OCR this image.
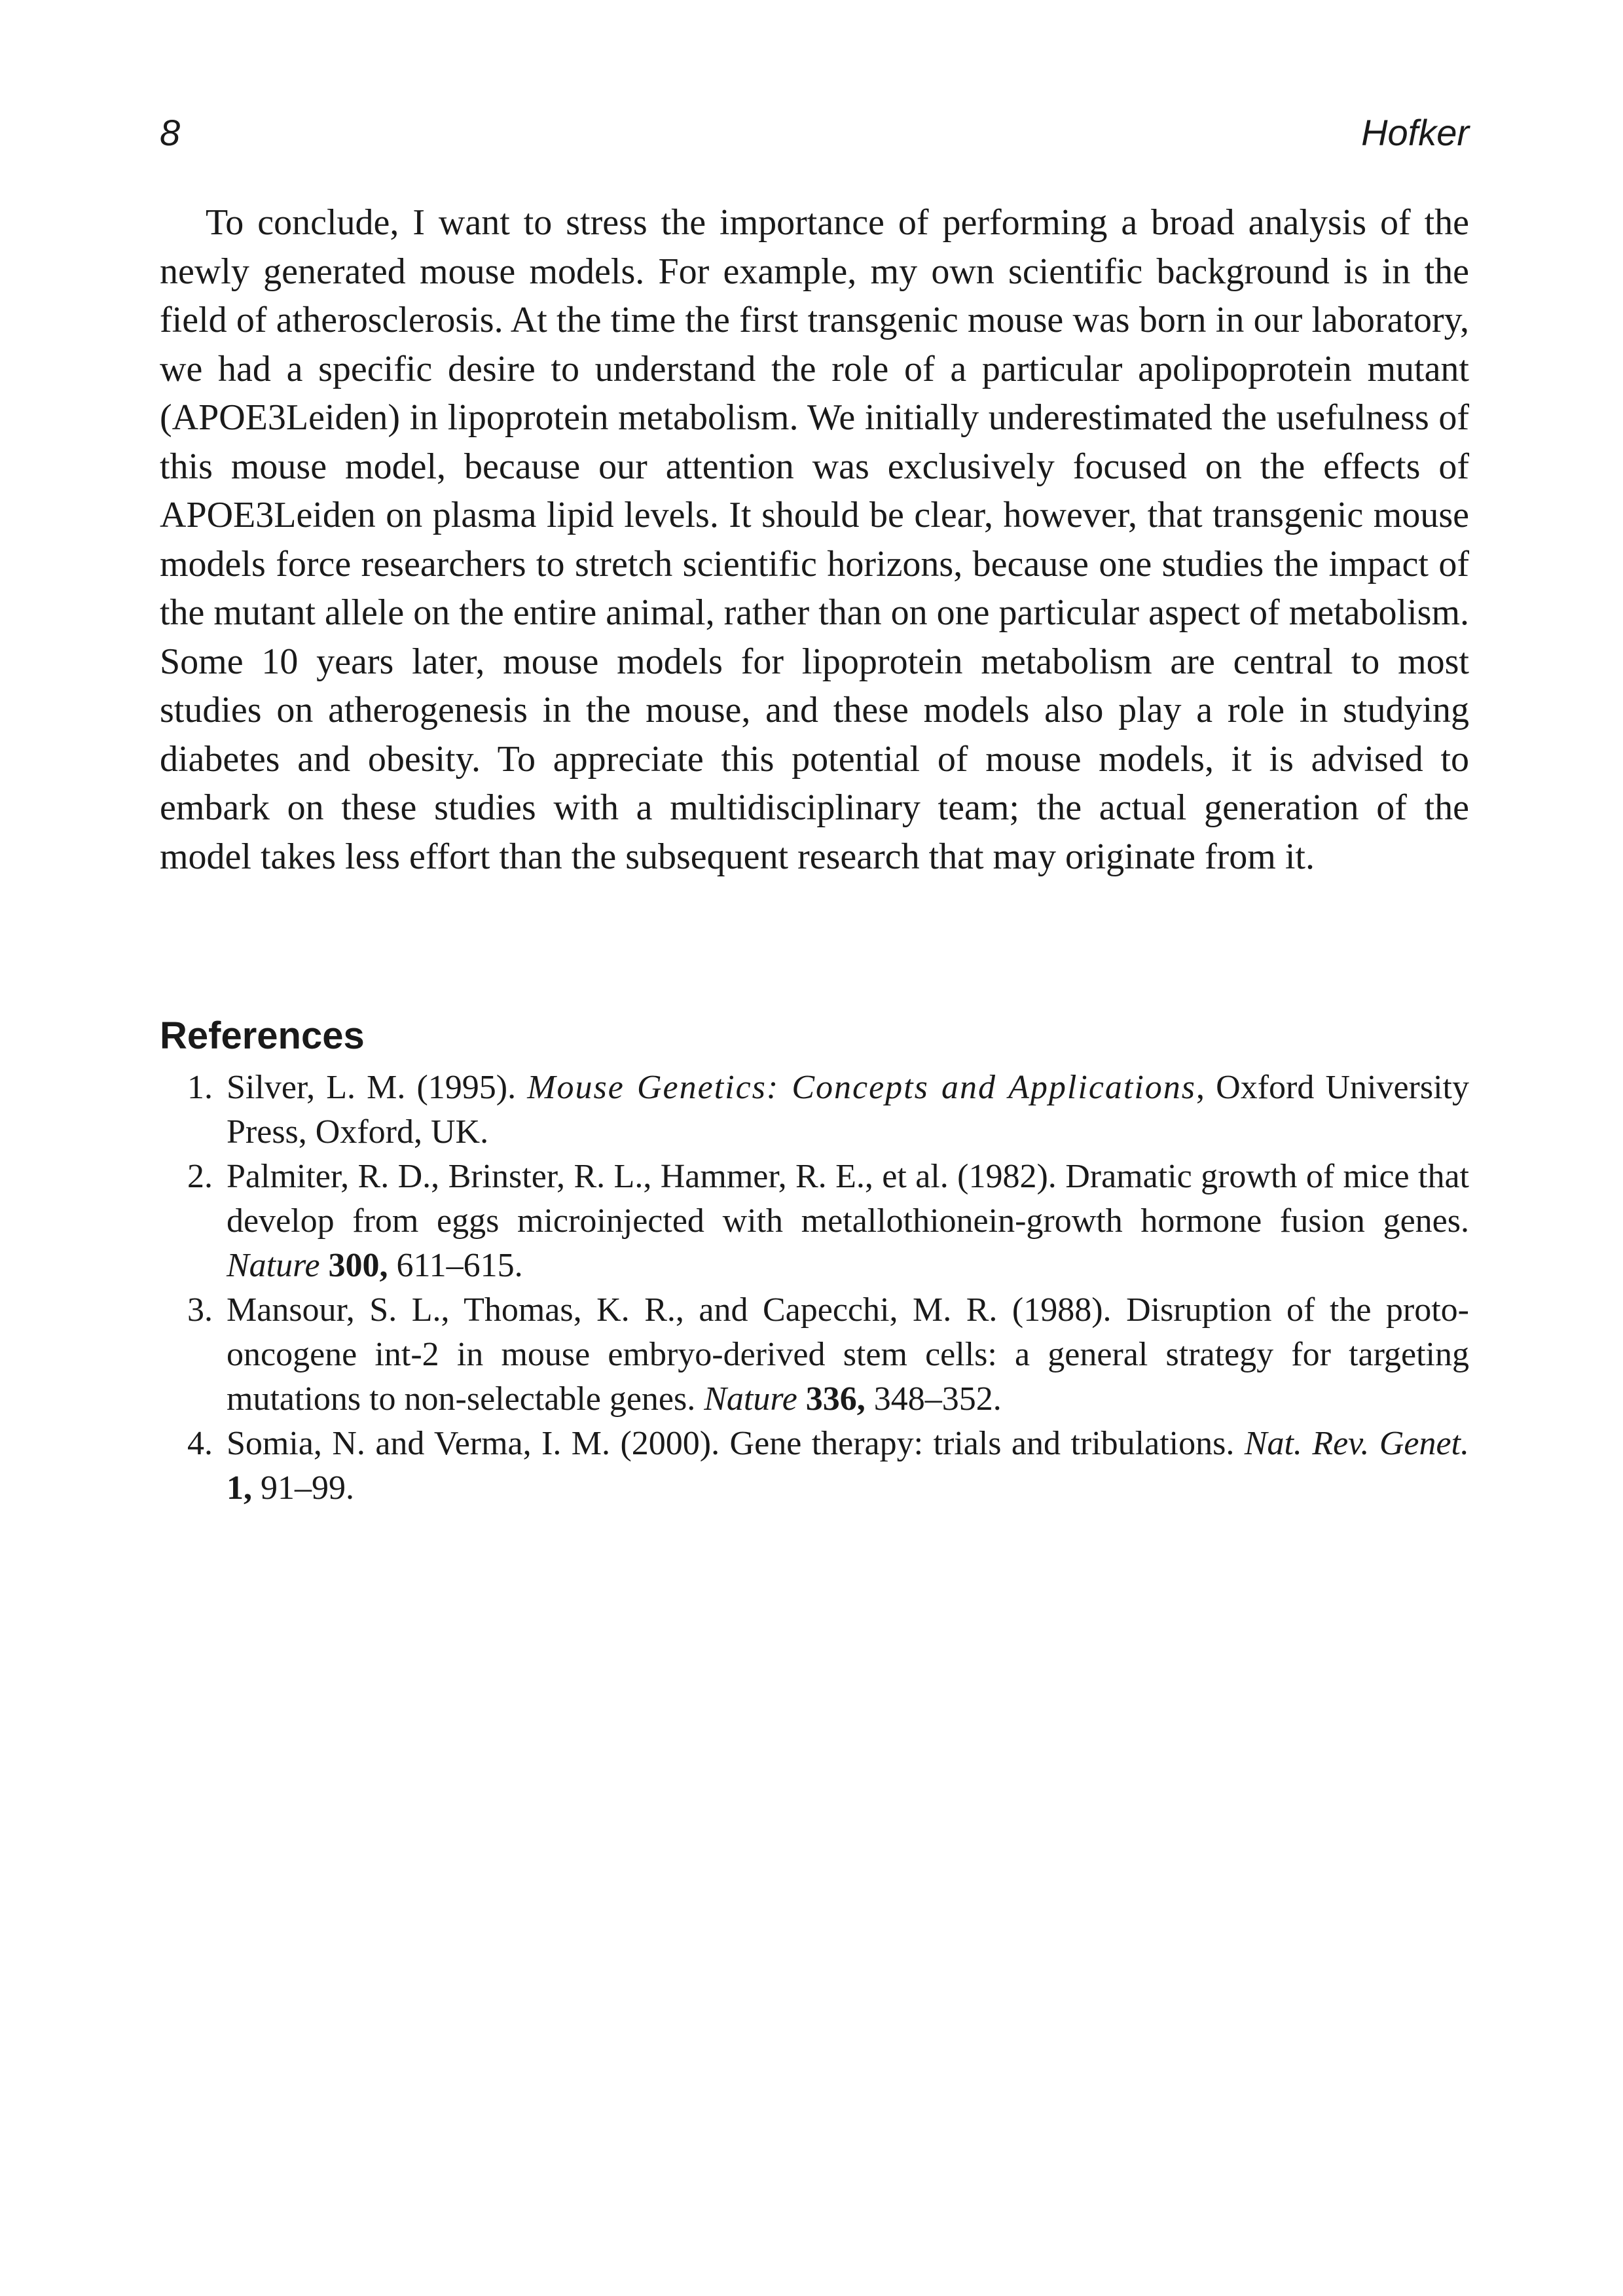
8	Hofker

To conclude, I want to stress the importance of performing a broad analysis of the newly generated mouse models. For example, my own scientific background is in the field of atherosclerosis. At the time the first transgenic mouse was born in our laboratory, we had a specific desire to understand the role of a particular apolipoprotein mutant (APOE3Leiden) in lipoprotein metabolism. We initially underestimated the usefulness of this mouse model, because our attention was exclusively focused on the effects of APOE3Leiden on plasma lipid levels. It should be clear, however, that transgenic mouse models force researchers to stretch scientific horizons, because one studies the impact of the mutant allele on the entire animal, rather than on one particular aspect of metabolism. Some 10 years later, mouse models for lipoprotein metabolism are central to most studies on atherogenesis in the mouse, and these models also play a role in studying diabetes and obesity. To appreciate this potential of mouse models, it is advised to embark on these studies with a multidisciplinary team; the actual generation of the model takes less effort than the subsequent research that may originate from it.

References
1. Silver, L. M. (1995). Mouse Genetics: Concepts and Applications, Oxford University Press, Oxford, UK.
2. Palmiter, R. D., Brinster, R. L., Hammer, R. E., et al. (1982). Dramatic growth of mice that develop from eggs microinjected with metallothionein-growth hormone fusion genes. Nature 300, 611–615.
3. Mansour, S. L., Thomas, K. R., and Capecchi, M. R. (1988). Disruption of the proto-oncogene int-2 in mouse embryo-derived stem cells: a general strategy for targeting mutations to non-selectable genes. Nature 336, 348–352.
4. Somia, N. and Verma, I. M. (2000). Gene therapy: trials and tribulations. Nat. Rev. Genet. 1, 91–99.
